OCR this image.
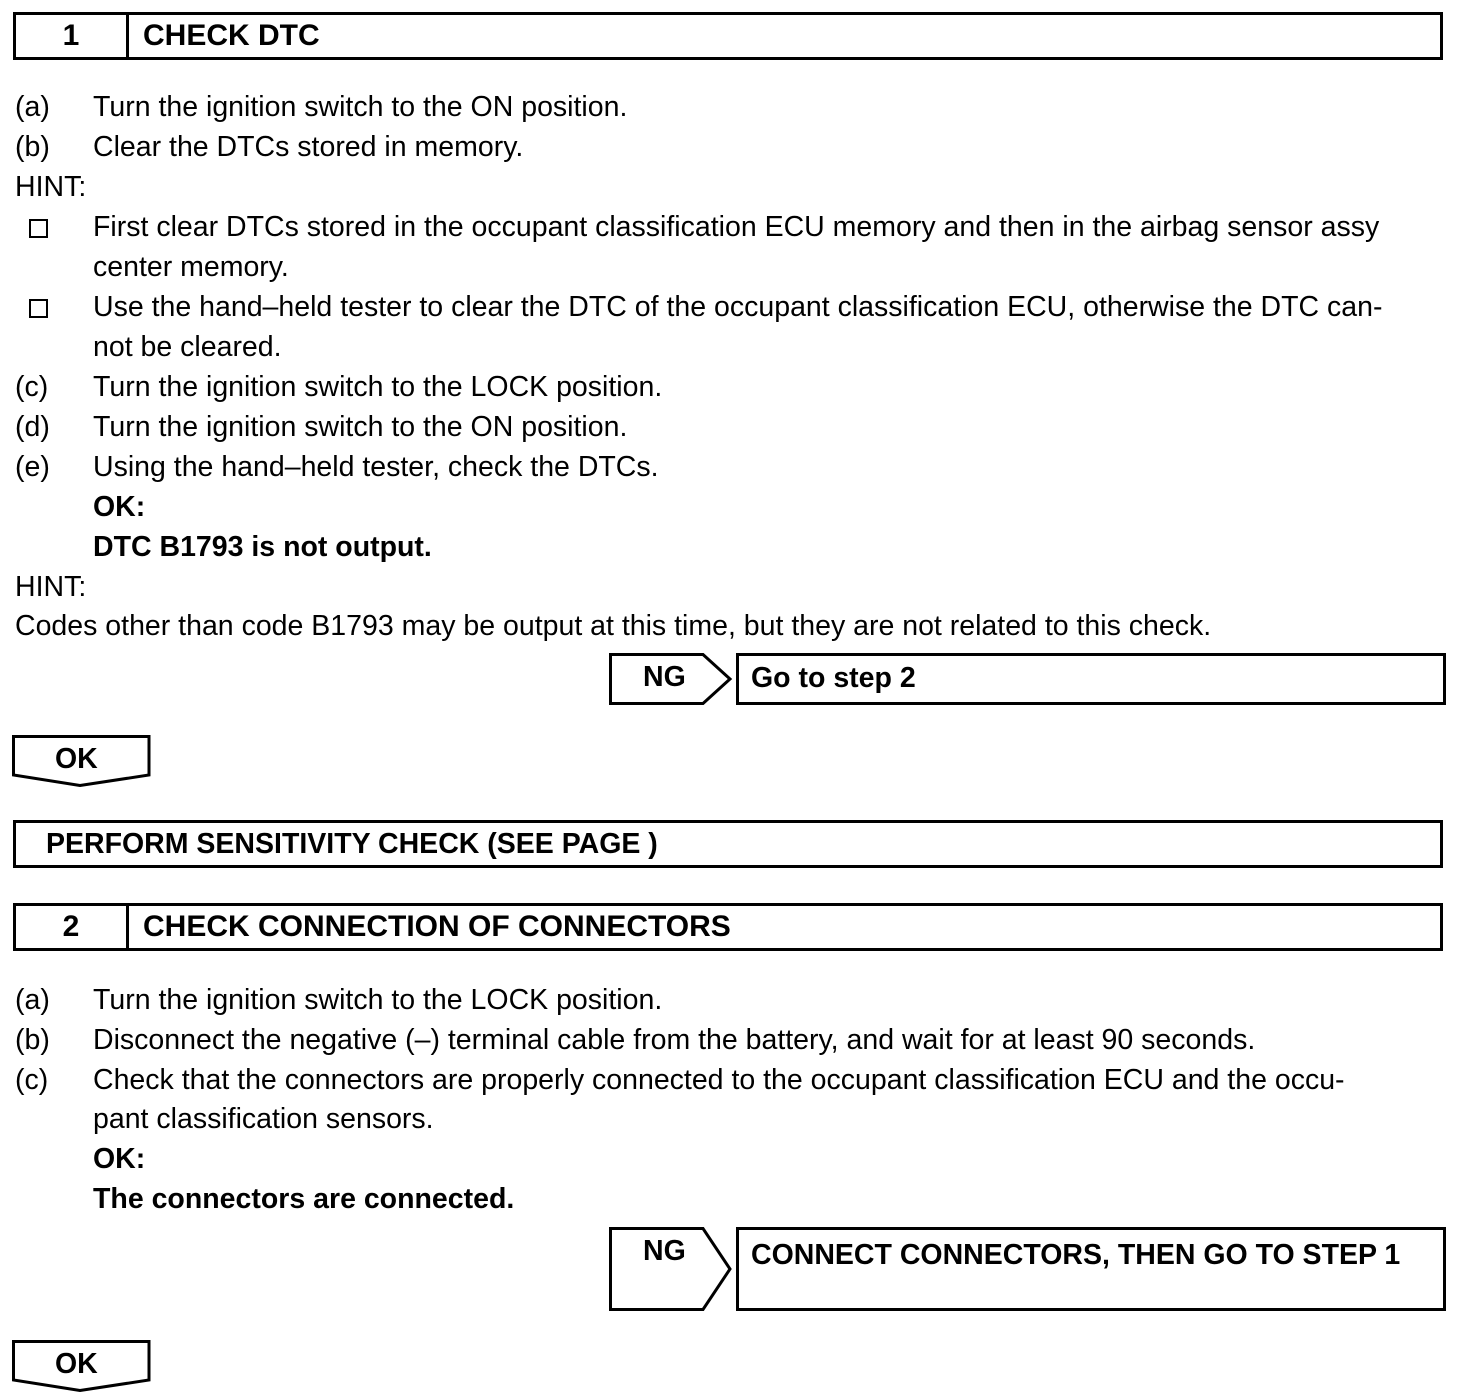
1	CHECK DTC
(a) Turn the ignition switch to the ON position.
(b) Clear the DTCs stored in memory.
HINT:
First clear DTCs stored in the occupant classification ECU memory and then in the airbag sensor assy
center memory.
Use the hand–held tester to clear the DTC of the occupant classification ECU, otherwise the DTC can-
not be cleared.
(c) Turn the ignition switch to the LOCK position.
(d) Turn the ignition switch to the ON position.
(e) Using the hand–held tester, check the DTCs.
OK:
DTC B1793 is not output.
HINT:
Codes other than code B1793 may be output at this time, but they are not related to this check.
NG	Go to step 2
OK
PERFORM SENSITIVITY CHECK (SEE PAGE )
2	CHECK CONNECTION OF CONNECTORS
(a) Turn the ignition switch to the LOCK position.
(b) Disconnect the negative (–) terminal cable from the battery, and wait for at least 90 seconds.
(c) Check that the connectors are properly connected to the occupant classification ECU and the occu-
pant classification sensors.
OK:
The connectors are connected.
NG	CONNECT CONNECTORS, THEN GO TO STEP 1
OK
